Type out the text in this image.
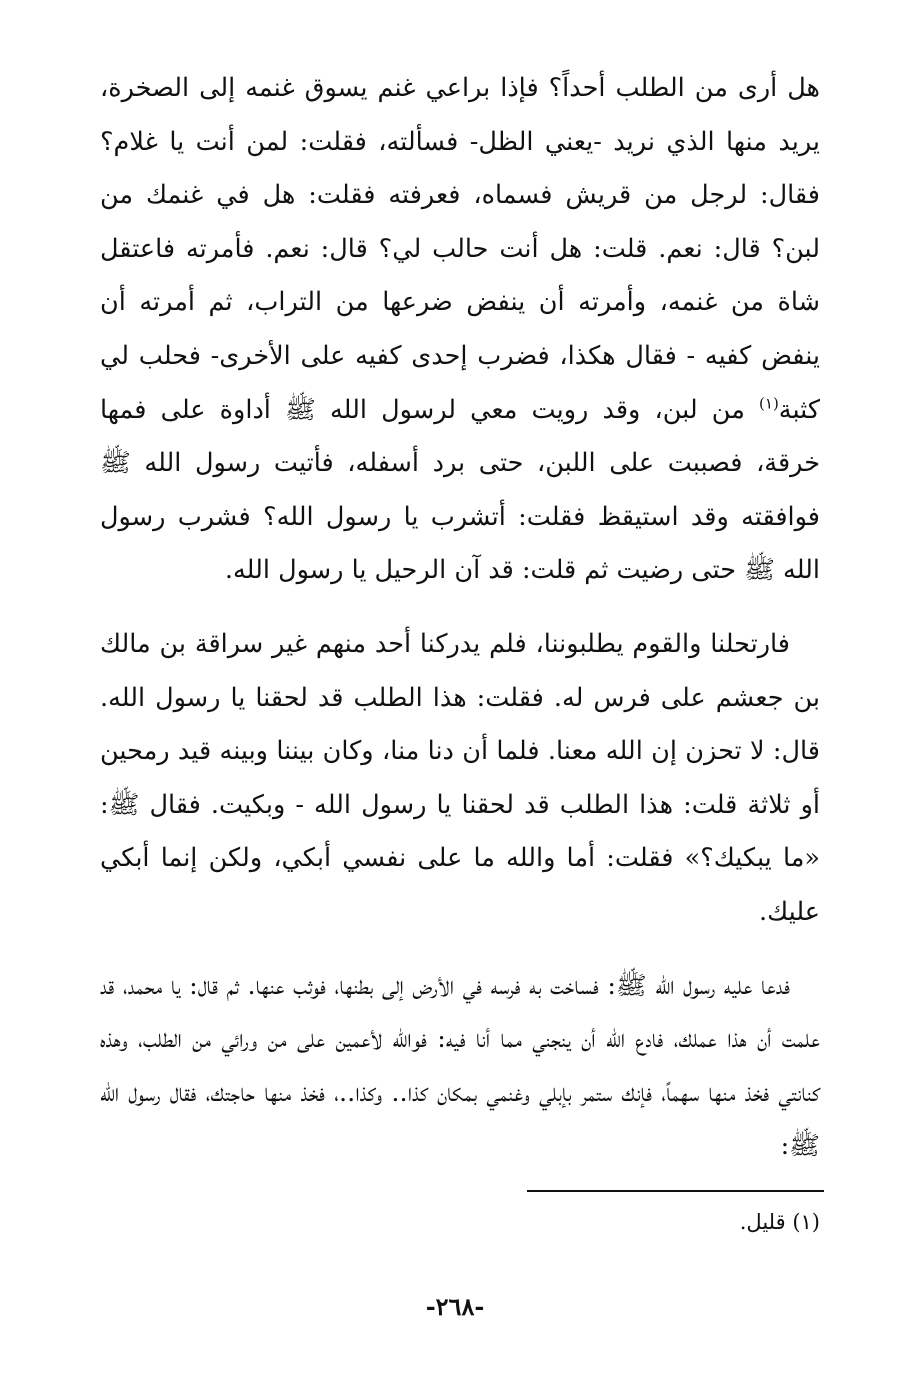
هل أرى من الطلب أحداً؟ فإذا براعي غنم يسوق غنمه إلى الصخرة، يريد منها الذي نريد -يعني الظل- فسألته، فقلت: لمن أنت يا غلام؟ فقال: لرجل من قريش فسماه، فعرفته فقلت: هل في غنمك من لبن؟ قال: نعم. قلت: هل أنت حالب لي؟ قال: نعم. فأمرته فاعتقل شاة من غنمه، وأمرته أن ينفض ضرعها من التراب، ثم أمرته أن ينفض كفيه - فقال هكذا، فضرب إحدى كفيه على الأخرى- فحلب لي كثبة$^{(١)}$ من لبن، وقد رويت معي لرسول الله ﷺ أداوة على فمها خرقة، فصببت على اللبن، حتى برد أسفله، فأتيت رسول الله ﷺ فوافقته وقد استيقظ فقلت: أتشرب يا رسول الله؟ فشرب رسول الله ﷺ حتى رضيت ثم قلت: قد آن الرحيل يا رسول الله.

فارتحلنا والقوم يطلبوننا، فلم يدركنا أحد منهم غير سراقة بن مالك بن جعشم على فرس له. فقلت: هذا الطلب قد لحقنا يا رسول الله. قال: لا تحزن إن الله معنا. فلما أن دنا منا، وكان بيننا وبينه قيد رمحين أو ثلاثة قلت: هذا الطلب قد لحقنا يا رسول الله - وبكيت. فقال ﷺ: «ما يبكيك؟» فقلت: أما والله ما على نفسي أبكي، ولكن إنما أبكي عليك.

فدعا عليه رسول الله ﷺ: فساخت به فرسه في الأرض إلى بطنها، فوثب عنها. ثم قال: يا محمد، قد علمت أن هذا عملك، فادع الله أن ينجني مما أنا فيه: فوالله لأعمين على من ورائي من الطلب، وهذه كنانتي فخذ منها سهماً، فإنك ستمر بإبلي وغنمي بمكان كذا.. وكذا..، فخذ منها حاجتك، فقال رسول الله ﷺ:

(١) قليل.
-٢٦٨-
